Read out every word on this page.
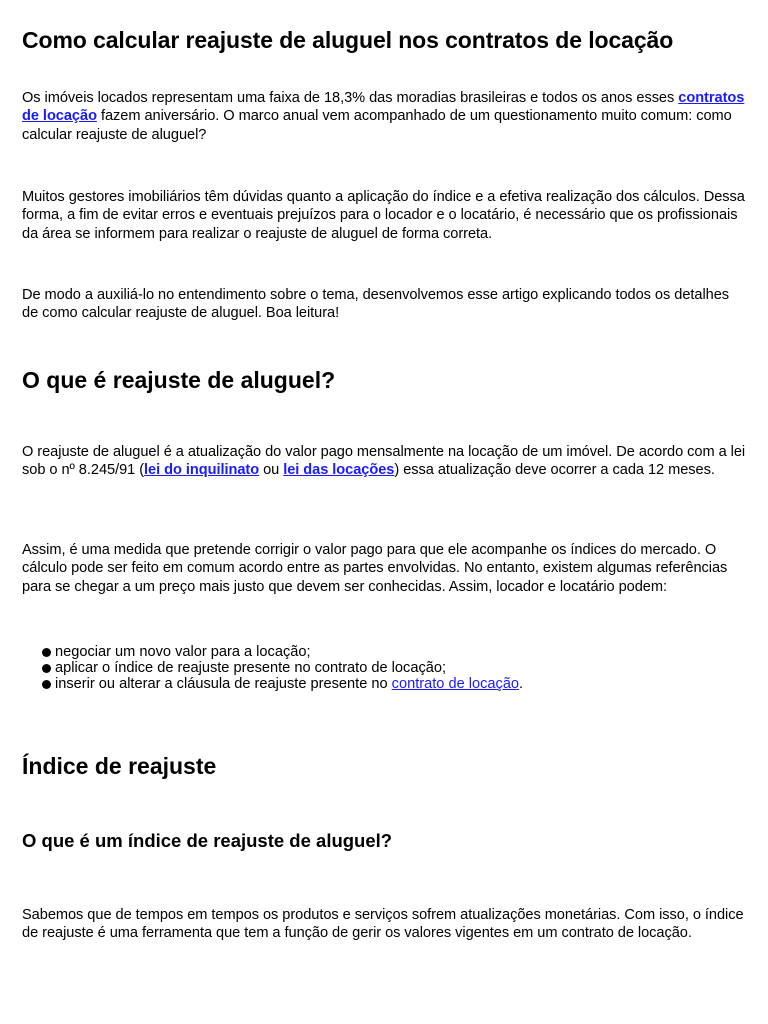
Como calcular reajuste de aluguel nos contratos de locação

Os imóveis locados representam uma faixa de 18,3% das moradias brasileiras e todos os anos esses contratos de locação fazem aniversário. O marco anual vem acompanhado de um questionamento muito comum: como calcular reajuste de aluguel?

Muitos gestores imobiliários têm dúvidas quanto a aplicação do índice e a efetiva realização dos cálculos. Dessa forma, a fim de evitar erros e eventuais prejuízos para o locador e o locatário, é necessário que os profissionais da área se informem para realizar o reajuste de aluguel de forma correta.

De modo a auxiliá-lo no entendimento sobre o tema, desenvolvemos esse artigo explicando todos os detalhes de como calcular reajuste de aluguel. Boa leitura!

O que é reajuste de aluguel?

O reajuste de aluguel é a atualização do valor pago mensalmente na locação de um imóvel. De acordo com a lei sob o nº 8.245/91 (lei do inquilinato ou lei das locações) essa atualização deve ocorrer a cada 12 meses.

Assim, é uma medida que pretende corrigir o valor pago para que ele acompanhe os índices do mercado. O cálculo pode ser feito em comum acordo entre as partes envolvidas. No entanto, existem algumas referências para se chegar a um preço mais justo que devem ser conhecidas. Assim, locador e locatário podem:

negociar um novo valor para a locação;
aplicar o índice de reajuste presente no contrato de locação;
inserir ou alterar a cláusula de reajuste presente no contrato de locação.
Índice de reajuste
O que é um índice de reajuste de aluguel?

Sabemos que de tempos em tempos os produtos e serviços sofrem atualizações monetárias. Com isso, o índice de reajuste é uma ferramenta que tem a função de gerir os valores vigentes em um contrato de locação.
